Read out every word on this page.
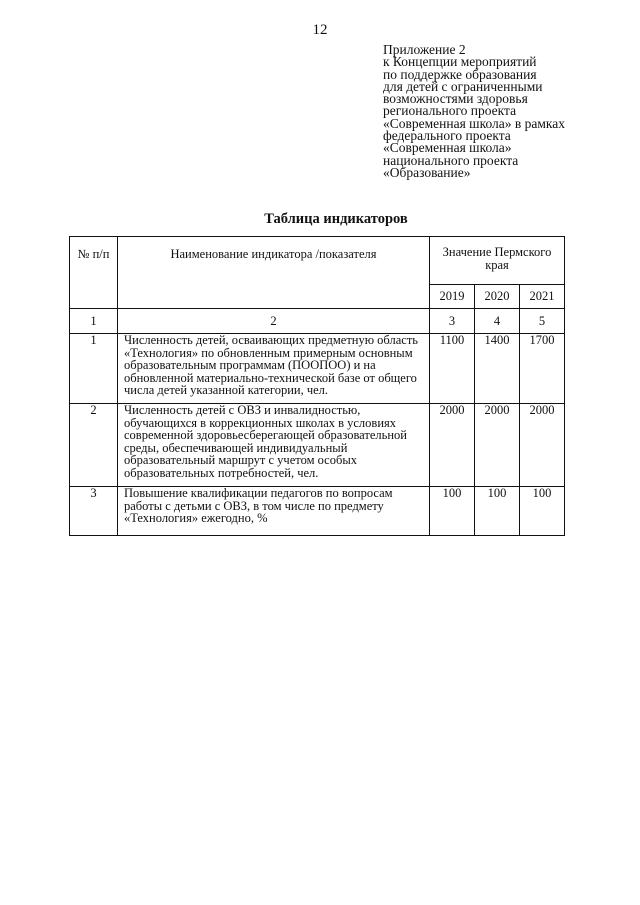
12
Приложение 2
к Концепции мероприятий
по поддержке образования
для детей с ограниченными
возможностями здоровья
регионального проекта
«Современная школа» в рамках
федерального проекта
«Современная школа»
национального проекта
«Образование»
Таблица индикаторов
№ п/п	Наименование индикатора /показателя	Значение Пермского края		
		2019	2020	2021
1	2	3	4	5
1	Численность детей, осваивающих предметную область «Технология» по обновленным примерным основным образовательным программам (ПООПОО) и на обновленной материально-технической базе от общего числа детей указанной категории, чел.	1100	1400	1700
2	Численность детей с ОВЗ и инвалидностью, обучающихся в коррекционных школах в условиях современной здоровьесберегающей образовательной среды, обеспечивающей индивидуальный образовательный маршрут с учетом особых образовательных потребностей, чел.	2000	2000	2000
3	Повышение квалификации педагогов по вопросам работы с детьми с ОВЗ, в том числе по предмету «Технология» ежегодно, %	100	100	100
